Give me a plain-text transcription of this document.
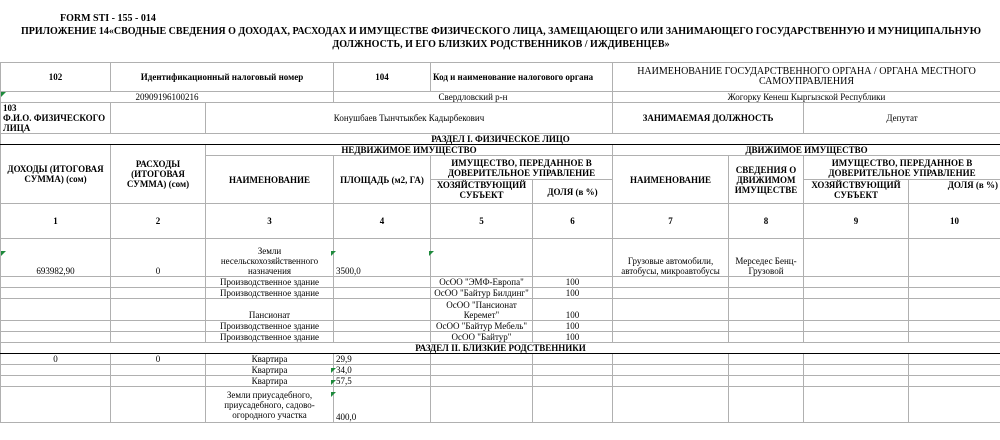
FORM STI - 155 - 014
ПРИЛОЖЕНИЕ 14«СВОДНЫЕ СВЕДЕНИЯ О ДОХОДАХ, РАСХОДАХ И ИМУЩЕСТВЕ ФИЗИЧЕСКОГО ЛИЦА, ЗАМЕЩАЮЩЕГО ИЛИ ЗАНИМАЮЩЕГО ГОСУДАРСТВЕННУЮ И МУНИЦИПАЛЬНУЮ ДОЛЖНОСТЬ, И ЕГО БЛИЗКИХ РОДСТВЕННИКОВ / ИЖДИВЕНЦЕВ»
102	Идентификационный налоговый номер		104	Код и наименование налогового органа		НАИМЕНОВАНИЕ ГОСУДАРСТВЕННОГО ОРГАНА / ОРГАНА МЕСТНОГО САМОУПРАВЛЕНИЯ			
20909196100216			Свердловский р-н			Жогорку Кенеш Кыргызской Республики			
103
Ф.И.О. ФИЗИЧЕСКОГО ЛИЦА		Конушбаев Тынчтыкбек Кадырбекович				ЗАНИМАЕМАЯ ДОЛЖНОСТЬ		Депутат	
РАЗДЕЛ I. ФИЗИЧЕСКОЕ ЛИЦО									
ДОХОДЫ (ИТОГОВАЯ СУММА) (сом)	РАСХОДЫ (ИТОГОВАЯ СУММА) (сом)	НЕДВИЖИМОЕ ИМУЩЕСТВО				ДВИЖИМОЕ ИМУЩЕСТВО			
		НАИМЕНОВАНИЕ	ПЛОЩАДЬ (м2, ГА)	ИМУЩЕСТВО, ПЕРЕДАННОЕ В ДОВЕРИТЕЛЬНОЕ УПРАВЛЕНИЕ		НАИМЕНОВАНИЕ	СВЕДЕНИЯ О ДВИЖИМОМ ИМУЩЕСТВЕ	ИМУЩЕСТВО, ПЕРЕДАННОЕ В ДОВЕРИТЕЛЬНОЕ УПРАВЛЕНИЕ	
				ХОЗЯЙСТВУЮЩИЙ СУБЪЕКТ	ДОЛЯ (в %)			ХОЗЯЙСТВУЮЩИЙ СУБЪЕКТ	ДОЛЯ (в %)
1	2	3	4	5	6	7	8	9	10
693982,90	0	Земли несельскохозяйственного назначения	3500,0			Грузовые автомобили, автобусы, микроавтобусы	Мерседес Бенц-Грузовой		
		Производственное здание		ОсОО "ЭМФ-Европа"	100				
		Производственное здание		ОсОО "Байтур Билдинг"	100				
		Пансионат		ОсОО "Пансионат Керемет"	100				
		Производственное здание		ОсОО "Байтур Мебель"	100				
		Производственное здание		ОсОО "Байтур"	100				
РАЗДЕЛ II. БЛИЗКИЕ РОДСТВЕННИКИ									
0	0	Квартира	29,9						
		Квартира	34,0						
		Квартира	57,5						
		Земли приусадебного, приусадебного, садово-огородного участка	400,0						
